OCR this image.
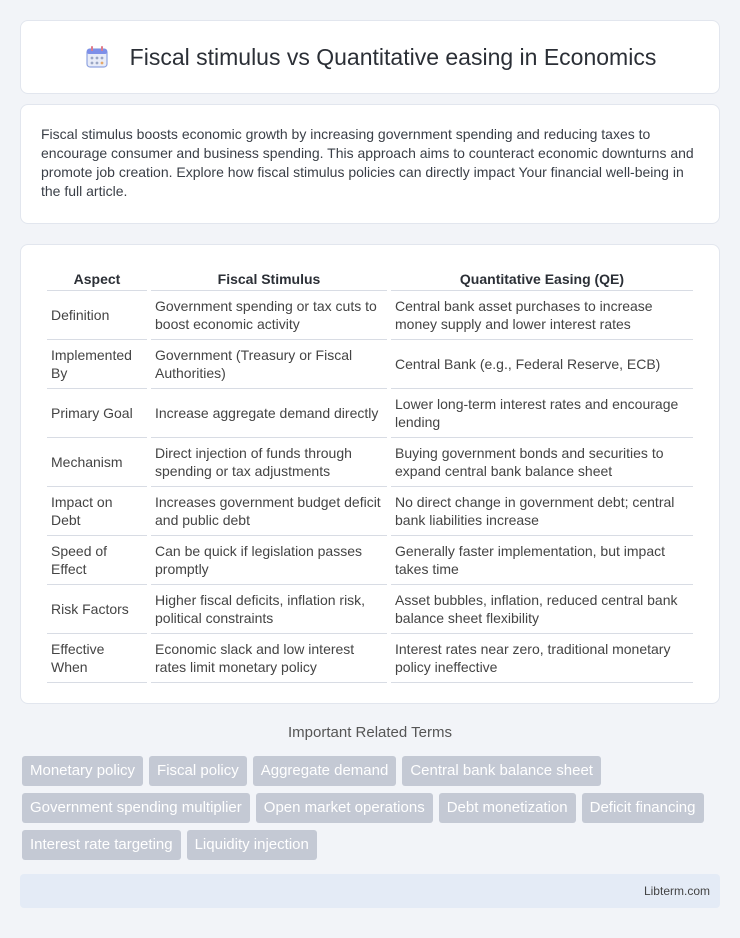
Fiscal stimulus vs Quantitative easing in Economics

Fiscal stimulus boosts economic growth by increasing government spending and reducing taxes to encourage consumer and business spending. This approach aims to counteract economic downturns and promote job creation. Explore how fiscal stimulus policies can directly impact Your financial well-being in the full article.

Aspect	Fiscal Stimulus	Quantitative Easing (QE)
Definition	Government spending or tax cuts to boost economic activity	Central bank asset purchases to increase money supply and lower interest rates
Implemented By	Government (Treasury or Fiscal Authorities)	Central Bank (e.g., Federal Reserve, ECB)
Primary Goal	Increase aggregate demand directly	Lower long-term interest rates and encourage lending
Mechanism	Direct injection of funds through spending or tax adjustments	Buying government bonds and securities to expand central bank balance sheet
Impact on Debt	Increases government budget deficit and public debt	No direct change in government debt; central bank liabilities increase
Speed of Effect	Can be quick if legislation passes promptly	Generally faster implementation, but impact takes time
Risk Factors	Higher fiscal deficits, inflation risk, political constraints	Asset bubbles, inflation, reduced central bank balance sheet flexibility
Effective When	Economic slack and low interest rates limit monetary policy	Interest rates near zero, traditional monetary policy ineffective
Important Related Terms
Monetary policy	Fiscal policy	Aggregate demand	Central bank balance sheet
Government spending multiplier	Open market operations	Debt monetization	Deficit financing
Interest rate targeting	Liquidity injection
Libterm.com
